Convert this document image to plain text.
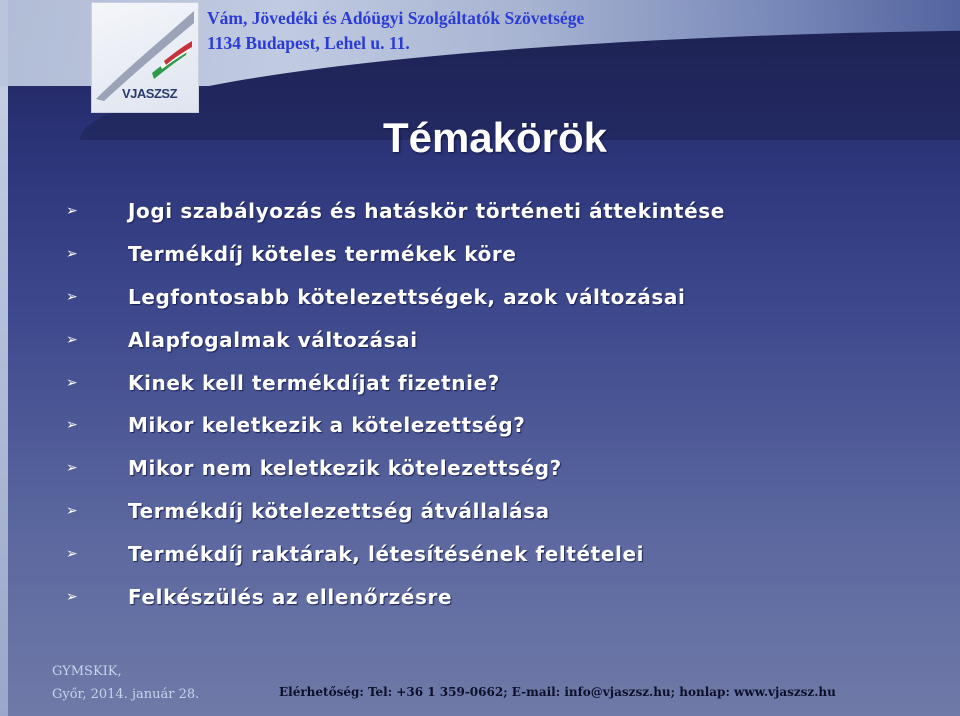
VJASZSZ
Vám, Jövedéki és Adóügyi Szolgáltatók Szövetsége
1134 Budapest, Lehel u. 11.
Témakörök
➢	Jogi szabályozás és hatáskör történeti áttekintése
➢	Termékdíj köteles termékek köre
➢	Legfontosabb kötelezettségek, azok változásai
➢	Alapfogalmak változásai
➢	Kinek kell termékdíjat fizetnie?
➢	Mikor keletkezik a kötelezettség?
➢	Mikor nem keletkezik kötelezettség?
➢	Termékdíj kötelezettség átvállalása
➢	Termékdíj raktárak, létesítésének feltételei
➢	Felkészülés az ellenőrzésre
GYMSKIK,
Győr, 2014. január 28.	Elérhetőség: Tel: +36 1 359-0662; E-mail: info@vjaszsz.hu; honlap: www.vjaszsz.hu
